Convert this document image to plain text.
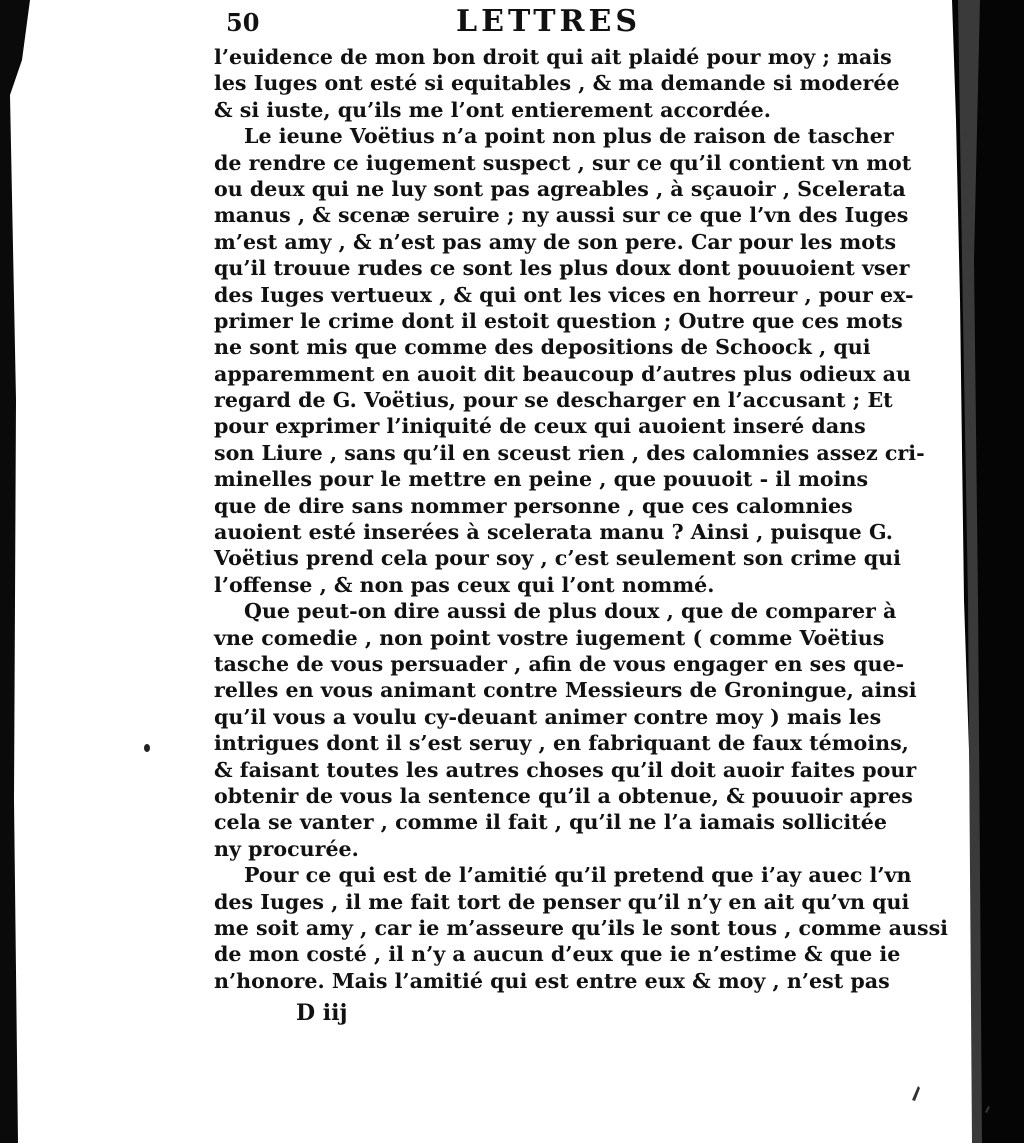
50	LETTRES
l’euidence de mon bon droit qui ait plaidé pour moy ; mais
les Iuges ont esté si equitables , & ma demande si moderée
& si iuste, qu’ils me l’ont entierement accordée.
Le ieune Voëtius n’a point non plus de raison de tascher
de rendre ce iugement suspect , sur ce qu’il contient vn mot
ou deux qui ne luy sont pas agreables , à sçauoir , Scelerata
manus , & scenæ seruire ; ny aussi sur ce que l’vn des Iuges
m’est amy , & n’est pas amy de son pere. Car pour les mots
qu’il trouue rudes ce sont les plus doux dont pouuoient vser
des Iuges vertueux , & qui ont les vices en horreur , pour ex-
primer le crime dont il estoit question ; Outre que ces mots
ne sont mis que comme des depositions de Schoock , qui
apparemment en auoit dit beaucoup d’autres plus odieux au
regard de G. Voëtius, pour se descharger en l’accusant ; Et
pour exprimer l’iniquité de ceux qui auoient inseré dans
son Liure , sans qu’il en sceust rien , des calomnies assez cri-
minelles pour le mettre en peine , que pouuoit - il moins
que de dire sans nommer personne , que ces calomnies
auoient esté inserées à scelerata manu ? Ainsi , puisque G.
Voëtius prend cela pour soy , c’est seulement son crime qui
l’offense , & non pas ceux qui l’ont nommé.
Que peut-on dire aussi de plus doux , que de comparer à
vne comedie , non point vostre iugement ( comme Voëtius
tasche de vous persuader , afin de vous engager en ses que-
relles en vous animant contre Messieurs de Groningue, ainsi
qu’il vous a voulu cy-deuant animer contre moy ) mais les
intrigues dont il s’est seruy , en fabriquant de faux témoins,
& faisant toutes les autres choses qu’il doit auoir faites pour
obtenir de vous la sentence qu’il a obtenue, & pouuoir apres
cela se vanter , comme il fait , qu’il ne l’a iamais sollicitée
ny procurée.
Pour ce qui est de l’amitié qu’il pretend que i’ay auec l’vn
des Iuges , il me fait tort de penser qu’il n’y en ait qu’vn qui
me soit amy , car ie m’asseure qu’ils le sont tous , comme aussi
de mon costé , il n’y a aucun d’eux que ie n’estime & que ie
n’honore. Mais l’amitié qui est entre eux & moy , n’est pas
D iij
